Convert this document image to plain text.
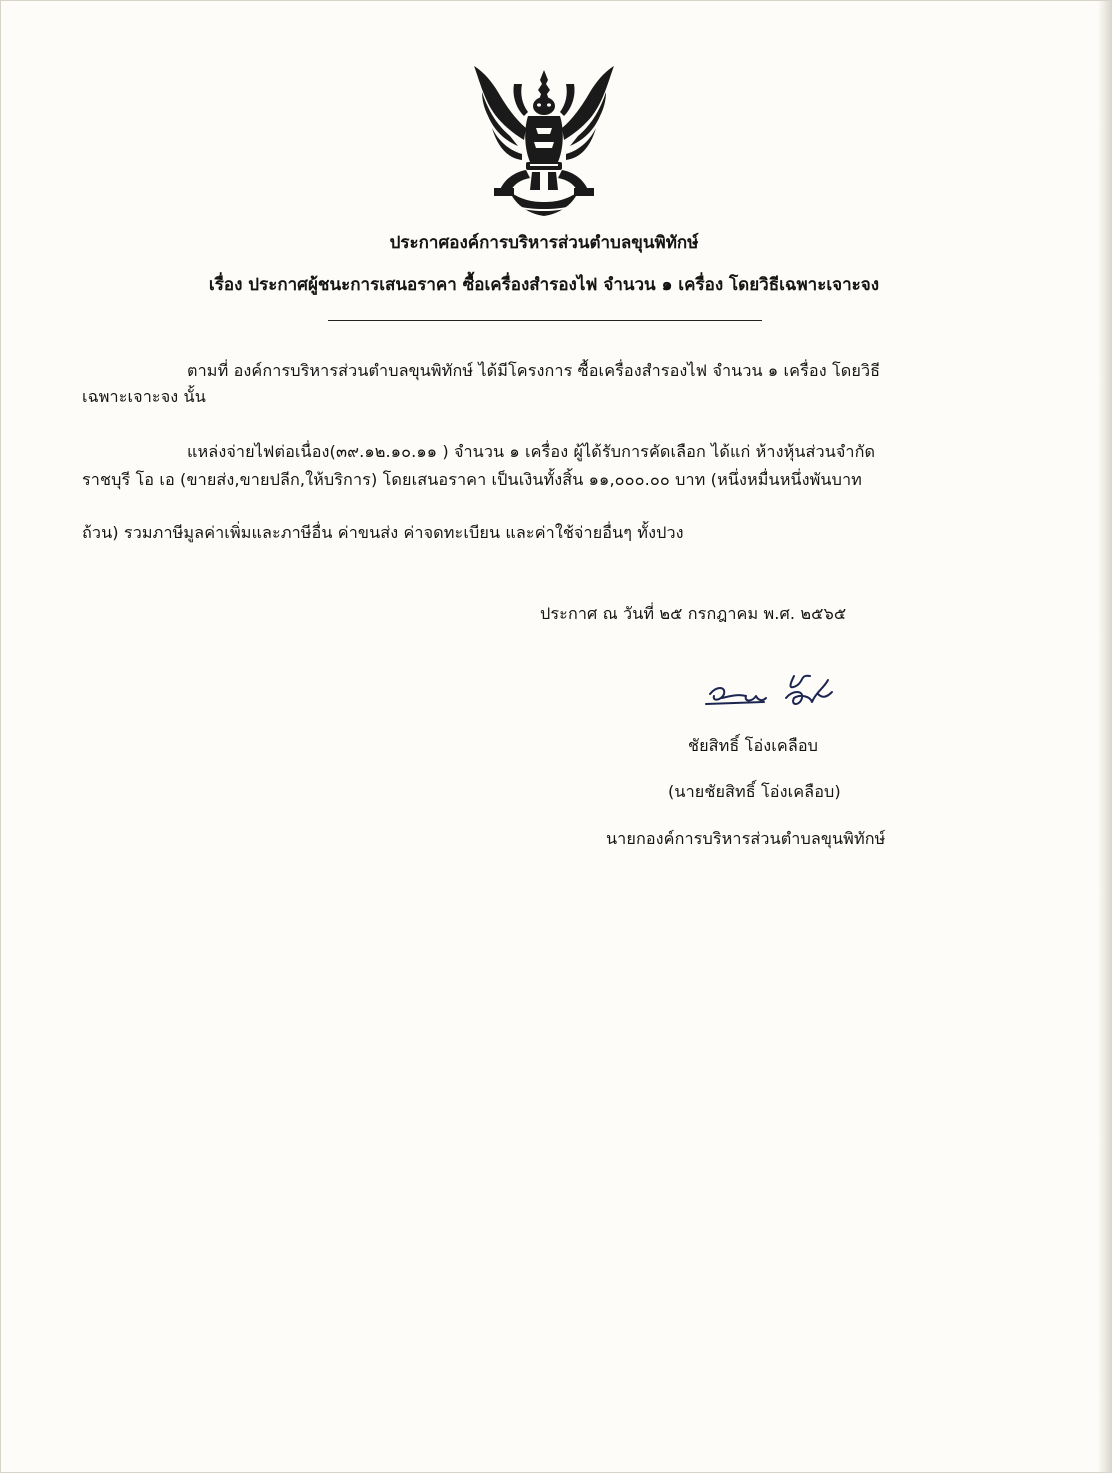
ประกาศองค์การบริหารส่วนตำบลขุนพิทักษ์
เรื่อง ประกาศผู้ชนะการเสนอราคา ซื้อเครื่องสำรองไฟ จำนวน ๑ เครื่อง โดยวิธีเฉพาะเจาะจง
ตามที่ องค์การบริหารส่วนตำบลขุนพิทักษ์ ได้มีโครงการ ซื้อเครื่องสำรองไฟ จำนวน ๑ เครื่อง โดยวิธี
เฉพาะเจาะจง นั้น
แหล่งจ่ายไฟต่อเนื่อง(๓๙.๑๒.๑๐.๑๑ ) จำนวน ๑ เครื่อง ผู้ได้รับการคัดเลือก ได้แก่ ห้างหุ้นส่วนจำกัด
ราชบุรี โอ เอ (ขายส่ง,ขายปลีก,ให้บริการ) โดยเสนอราคา เป็นเงินทั้งสิ้น ๑๑,๐๐๐.๐๐ บาท (หนึ่งหมื่นหนึ่งพันบาท
ถ้วน) รวมภาษีมูลค่าเพิ่มและภาษีอื่น ค่าขนส่ง ค่าจดทะเบียน และค่าใช้จ่ายอื่นๆ ทั้งปวง
ประกาศ ณ วันที่ ๒๕ กรกฎาคม พ.ศ. ๒๕๖๕
ชัยสิทธิ์ โอ่งเคลือบ
(นายชัยสิทธิ์ โอ่งเคลือบ)
นายกองค์การบริหารส่วนตำบลขุนพิทักษ์
